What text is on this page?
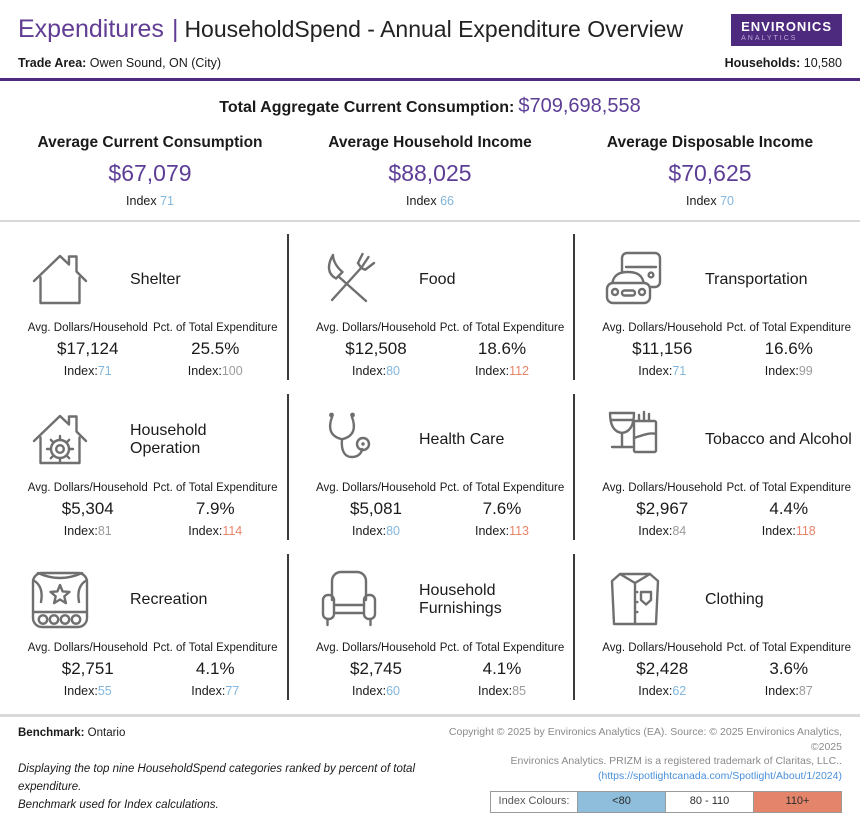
Expenditures | HouseholdSpend - Annual Expenditure Overview	ENVIRONICS
ANALYTICS
Trade Area: Owen Sound, ON (City)	Households: 10,580
Total Aggregate Current Consumption: $709,698,558
Average Current Consumption
$67,079
Index 71
Average Household Income
$88,025
Index 66
Average Disposable Income
$70,625
Index 70
Shelter
Avg. Dollars/Household
$17,124
Index:71
Pct. of Total Expenditure
25.5%
Index:100
Food
Avg. Dollars/Household
$12,508
Index:80
Pct. of Total Expenditure
18.6%
Index:112
Transportation
Avg. Dollars/Household
$11,156
Index:71
Pct. of Total Expenditure
16.6%
Index:99
Household Operation
Avg. Dollars/Household
$5,304
Index:81
Pct. of Total Expenditure
7.9%
Index:114
Health Care
Avg. Dollars/Household
$5,081
Index:80
Pct. of Total Expenditure
7.6%
Index:113
Tobacco and Alcohol
Avg. Dollars/Household
$2,967
Index:84
Pct. of Total Expenditure
4.4%
Index:118
Recreation
Avg. Dollars/Household
$2,751
Index:55
Pct. of Total Expenditure
4.1%
Index:77
Household Furnishings
Avg. Dollars/Household
$2,745
Index:60
Pct. of Total Expenditure
4.1%
Index:85
Clothing
Avg. Dollars/Household
$2,428
Index:62
Pct. of Total Expenditure
3.6%
Index:87
Benchmark: Ontario
Displaying the top nine HouseholdSpend categories ranked by percent of total expenditure.
Benchmark used for Index calculations.
Copyright © 2025 by Environics Analytics (EA). Source: © 2025 Environics Analytics, ©2025
Environics Analytics. PRIZM is a registered trademark of Claritas, LLC..
(https://spotlightcanada.com/Spotlight/About/1/2024)
Index Colours:	<80	80 - 110	110+
